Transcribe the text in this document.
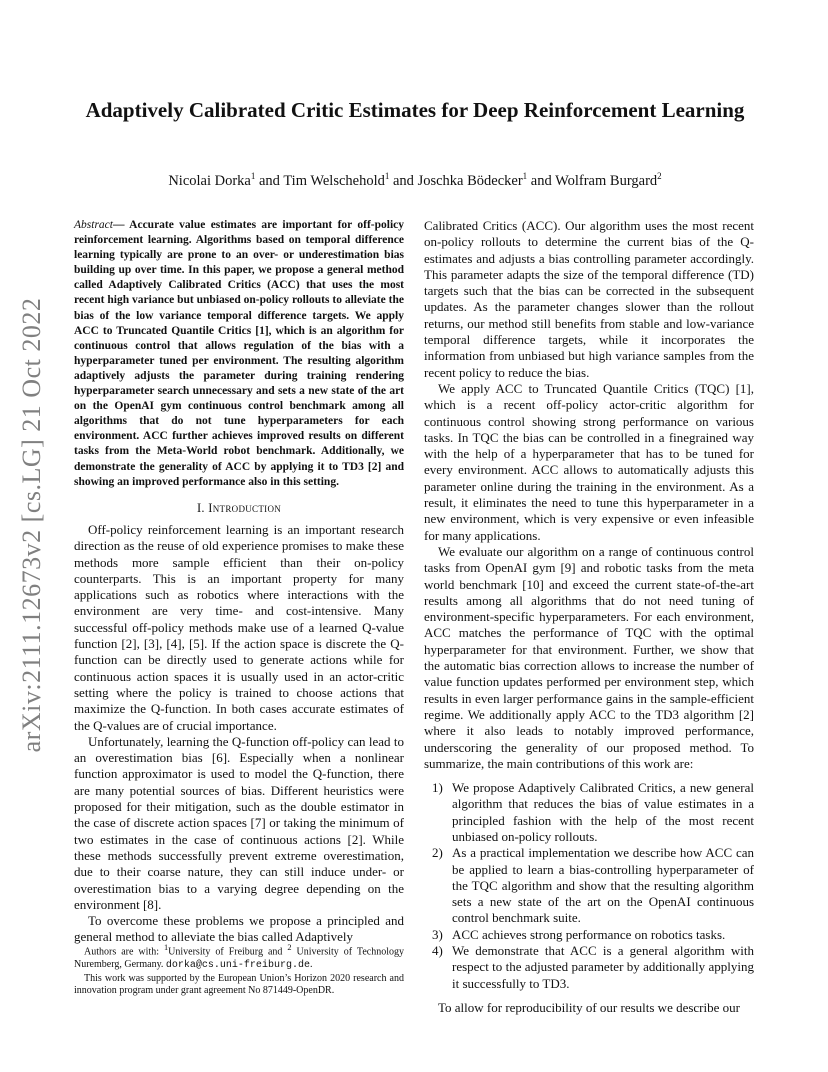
arXiv:2111.12673v2 [cs.LG] 21 Oct 2022
Adaptively Calibrated Critic Estimates for Deep Reinforcement Learning
Nicolai Dorka$^1$ and Tim Welschehold$^1$ and Joschka Bödecker$^1$ and Wolfram Burgard$^2$
Abstract— Accurate value estimates are important for off-policy reinforcement learning. Algorithms based on temporal difference learning typically are prone to an over- or underestimation bias building up over time. In this paper, we propose a general method called Adaptively Calibrated Critics (ACC) that uses the most recent high variance but unbiased on-policy rollouts to alleviate the bias of the low variance temporal difference targets. We apply ACC to Truncated Quantile Critics [1], which is an algorithm for continuous control that allows regulation of the bias with a hyperparameter tuned per environment. The resulting algorithm adaptively adjusts the parameter during training rendering hyperparameter search unnecessary and sets a new state of the art on the OpenAI gym continuous control benchmark among all algorithms that do not tune hyperparameters for each environment. ACC further achieves improved results on different tasks from the Meta-World robot benchmark. Additionally, we demonstrate the generality of ACC by applying it to TD3 [2] and showing an improved performance also in this setting.
I. Introduction

Off-policy reinforcement learning is an important research direction as the reuse of old experience promises to make these methods more sample efficient than their on-policy counterparts. This is an important property for many applications such as robotics where interactions with the environment are very time- and cost-intensive. Many successful off-policy methods make use of a learned Q-value function [2], [3], [4], [5]. If the action space is discrete the Q-function can be directly used to generate actions while for continuous action spaces it is usually used in an actor-critic setting where the policy is trained to choose actions that maximize the Q-function. In both cases accurate estimates of the Q-values are of crucial importance.

Unfortunately, learning the Q-function off-policy can lead to an overestimation bias [6]. Especially when a nonlinear function approximator is used to model the Q-function, there are many potential sources of bias. Different heuristics were proposed for their mitigation, such as the double estimator in the case of discrete action spaces [7] or taking the minimum of two estimates in the case of continuous actions [2]. While these methods successfully prevent extreme overestimation, due to their coarse nature, they can still induce under- or overestimation bias to a varying degree depending on the environment [8].

To overcome these problems we propose a principled and general method to alleviate the bias called Adaptively

Authors are with: $^1$University of Freiburg and $^2$ University of Technology Nuremberg, Germany. dorka@cs.uni-freiburg.de.

This work was supported by the European Union’s Horizon 2020 research and innovation program under grant agreement No 871449-OpenDR.

Calibrated Critics (ACC). Our algorithm uses the most recent on-policy rollouts to determine the current bias of the Q-estimates and adjusts a bias controlling parameter accordingly. This parameter adapts the size of the temporal difference (TD) targets such that the bias can be corrected in the subsequent updates. As the parameter changes slower than the rollout returns, our method still benefits from stable and low-variance temporal difference targets, while it incorporates the information from unbiased but high variance samples from the recent policy to reduce the bias.

We apply ACC to Truncated Quantile Critics (TQC) [1], which is a recent off-policy actor-critic algorithm for continuous control showing strong performance on various tasks. In TQC the bias can be controlled in a finegrained way with the help of a hyperparameter that has to be tuned for every environment. ACC allows to automatically adjusts this parameter online during the training in the environment. As a result, it eliminates the need to tune this hyperparameter in a new environment, which is very expensive or even infeasible for many applications.

We evaluate our algorithm on a range of continuous control tasks from OpenAI gym [9] and robotic tasks from the meta world benchmark [10] and exceed the current state-of-the-art results among all algorithms that do not need tuning of environment-specific hyperparameters. For each environment, ACC matches the performance of TQC with the optimal hyperparameter for that environment. Further, we show that the automatic bias correction allows to increase the number of value function updates performed per environment step, which results in even larger performance gains in the sample-efficient regime. We additionally apply ACC to the TD3 algorithm [2] where it also leads to notably improved performance, underscoring the generality of our proposed method. To summarize, the main contributions of this work are:

1) We propose Adaptively Calibrated Critics, a new general algorithm that reduces the bias of value estimates in a principled fashion with the help of the most recent unbiased on-policy rollouts.
2) As a practical implementation we describe how ACC can be applied to learn a bias-controlling hyperparameter of the TQC algorithm and show that the resulting algorithm sets a new state of the art on the OpenAI continuous control benchmark suite.
3) ACC achieves strong performance on robotics tasks.
4) We demonstrate that ACC is a general algorithm with respect to the adjusted parameter by additionally applying it successfully to TD3.

To allow for reproducibility of our results we describe our
